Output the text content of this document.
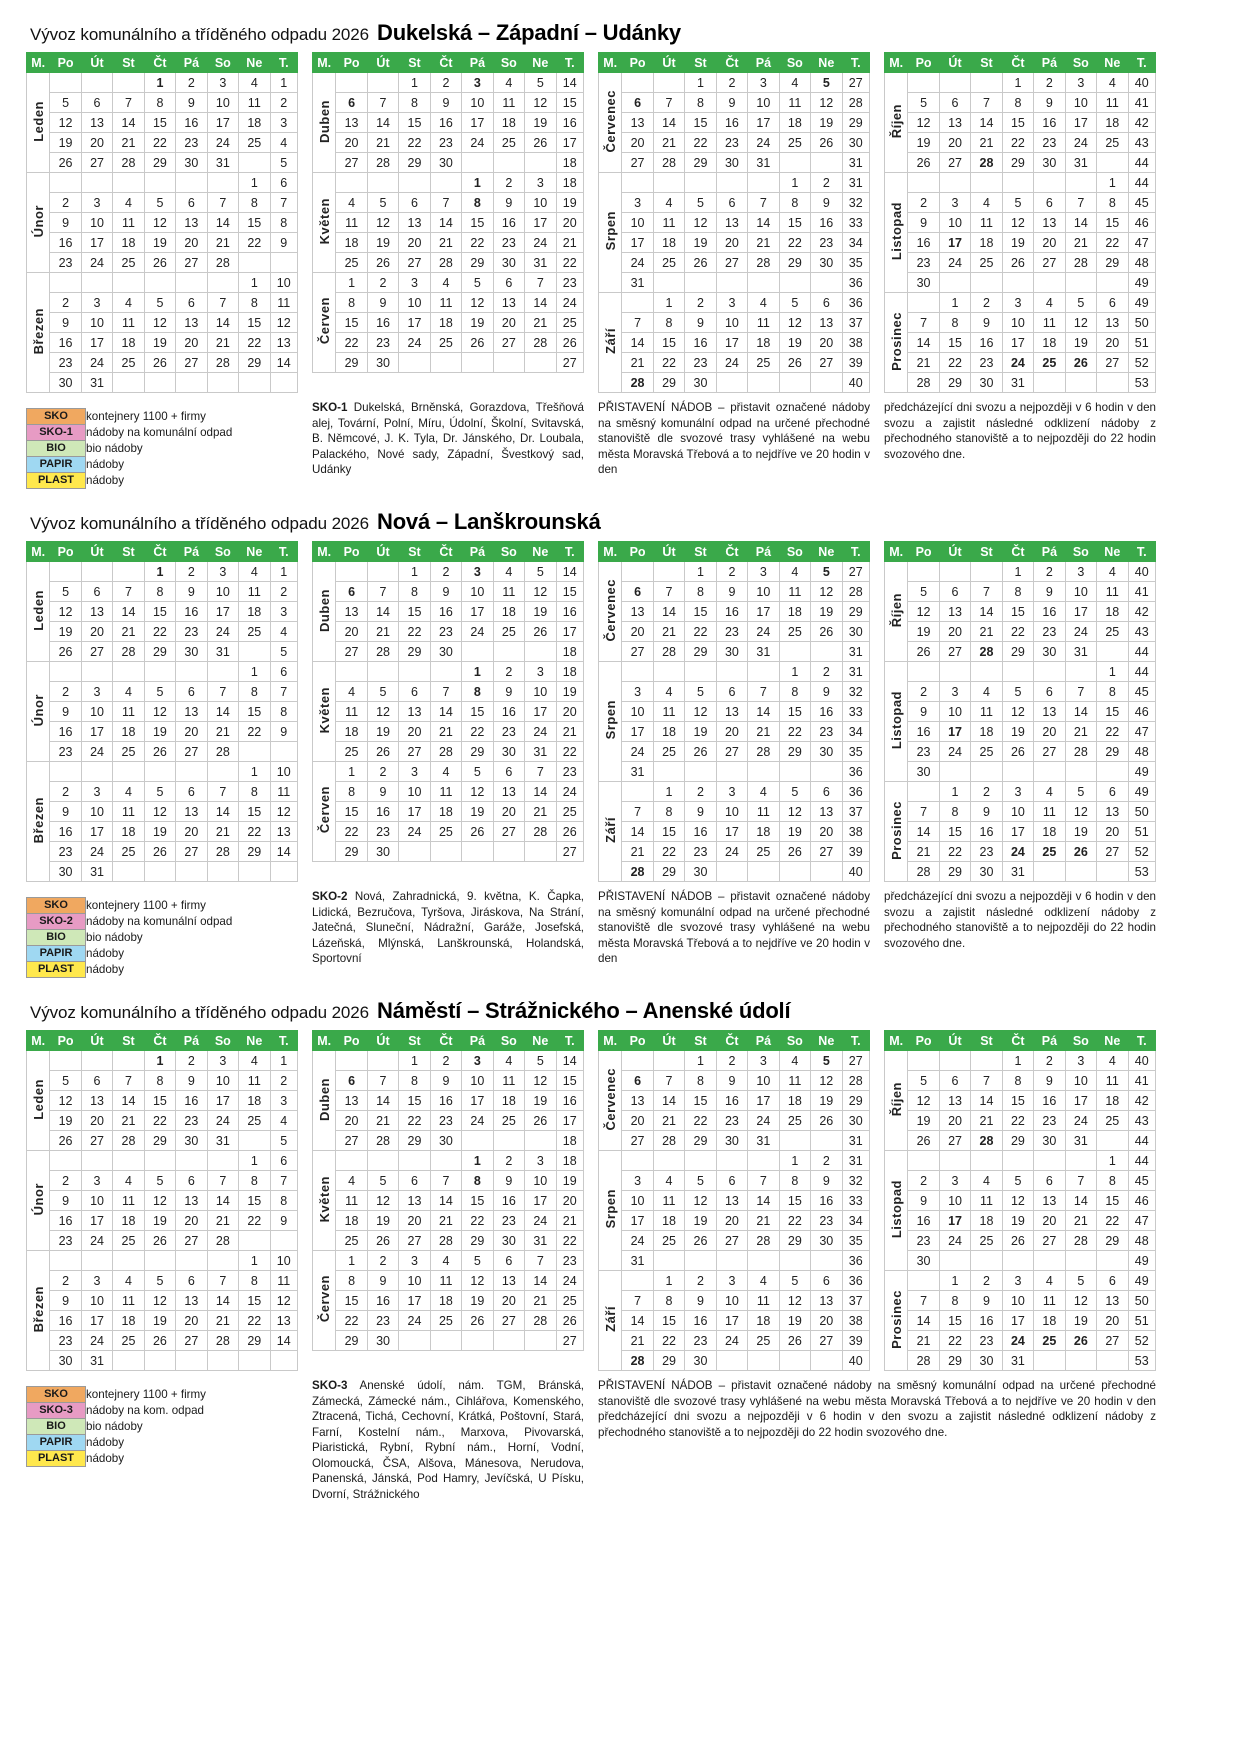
Vývoz komunálního a tříděného odpadu 2026 Dukelská – Západní – Udánky
M.	Po	Út	St	Čt	Pá	So	Ne	T.
Leden				1	2	3	4	1
	5	6	7	8	9	10	11	2
	12	13	14	15	16	17	18	3
	19	20	21	22	23	24	25	4
	26	27	28	29	30	31		5
Únor							1	6
	2	3	4	5	6	7	8	7
	9	10	11	12	13	14	15	8
	16	17	18	19	20	21	22	9
	23	24	25	26	27	28		
Březen							1	10
	2	3	4	5	6	7	8	11
	9	10	11	12	13	14	15	12
	16	17	18	19	20	21	22	13
	23	24	25	26	27	28	29	14
	30	31						
M.	Po	Út	St	Čt	Pá	So	Ne	T.
Duben			1	2	3	4	5	14
	6	7	8	9	10	11	12	15
	13	14	15	16	17	18	19	16
	20	21	22	23	24	25	26	17
	27	28	29	30				18
Květen					1	2	3	18
	4	5	6	7	8	9	10	19
	11	12	13	14	15	16	17	20
	18	19	20	21	22	23	24	21
	25	26	27	28	29	30	31	22
Červen	1	2	3	4	5	6	7	23
	8	9	10	11	12	13	14	24
	15	16	17	18	19	20	21	25
	22	23	24	25	26	27	28	26
	29	30						27
M.	Po	Út	St	Čt	Pá	So	Ne	T.
Červenec			1	2	3	4	5	27
	6	7	8	9	10	11	12	28
	13	14	15	16	17	18	19	29
	20	21	22	23	24	25	26	30
	27	28	29	30	31			31
Srpen						1	2	31
	3	4	5	6	7	8	9	32
	10	11	12	13	14	15	16	33
	17	18	19	20	21	22	23	34
	24	25	26	27	28	29	30	35
	31							36
Září		1	2	3	4	5	6	36
	7	8	9	10	11	12	13	37
	14	15	16	17	18	19	20	38
	21	22	23	24	25	26	27	39
	28	29	30					40
M.	Po	Út	St	Čt	Pá	So	Ne	T.
Říjen				1	2	3	4	40
	5	6	7	8	9	10	11	41
	12	13	14	15	16	17	18	42
	19	20	21	22	23	24	25	43
	26	27	28	29	30	31		44
Listopad							1	44
	2	3	4	5	6	7	8	45
	9	10	11	12	13	14	15	46
	16	17	18	19	20	21	22	47
	23	24	25	26	27	28	29	48
	30							49
Prosinec		1	2	3	4	5	6	49
	7	8	9	10	11	12	13	50
	14	15	16	17	18	19	20	51
	21	22	23	24	25	26	27	52
	28	29	30	31				53
SKO	kontejnery 1100 + firmy
SKO-1	nádoby na komunální odpad
BIO	bio nádoby
PAPIR	nádoby
PLAST	nádoby
SKO-1 Dukelská, Brněnská, Gorazdova, Třešňová alej, Tovární, Polní, Míru, Údolní, Školní, Svitavská, B. Němcové, J. K. Tyla, Dr. Jánského, Dr. Loubala, Palackého, Nové sady, Západní, Švestkový sad, Udánky
PŘISTAVENÍ NÁDOB – přistavit označené nádoby na směsný komunální odpad na určené přechodné stanoviště dle svozové trasy vyhlášené na webu města Moravská Třebová a to nejdříve ve 20 hodin v den
předcházející dni svozu a nejpozději v 6 hodin v den svozu a zajistit následné odklizení nádoby z přechodného stanoviště a to nejpozději do 22 hodin svozového dne.
Vývoz komunálního a tříděného odpadu 2026 Nová – Lanškrounská
M.	Po	Út	St	Čt	Pá	So	Ne	T.
Leden				1	2	3	4	1
	5	6	7	8	9	10	11	2
	12	13	14	15	16	17	18	3
	19	20	21	22	23	24	25	4
	26	27	28	29	30	31		5
Únor							1	6
	2	3	4	5	6	7	8	7
	9	10	11	12	13	14	15	8
	16	17	18	19	20	21	22	9
	23	24	25	26	27	28		
Březen							1	10
	2	3	4	5	6	7	8	11
	9	10	11	12	13	14	15	12
	16	17	18	19	20	21	22	13
	23	24	25	26	27	28	29	14
	30	31						
M.	Po	Út	St	Čt	Pá	So	Ne	T.
Duben			1	2	3	4	5	14
	6	7	8	9	10	11	12	15
	13	14	15	16	17	18	19	16
	20	21	22	23	24	25	26	17
	27	28	29	30				18
Květen					1	2	3	18
	4	5	6	7	8	9	10	19
	11	12	13	14	15	16	17	20
	18	19	20	21	22	23	24	21
	25	26	27	28	29	30	31	22
Červen	1	2	3	4	5	6	7	23
	8	9	10	11	12	13	14	24
	15	16	17	18	19	20	21	25
	22	23	24	25	26	27	28	26
	29	30						27
M.	Po	Út	St	Čt	Pá	So	Ne	T.
Červenec			1	2	3	4	5	27
	6	7	8	9	10	11	12	28
	13	14	15	16	17	18	19	29
	20	21	22	23	24	25	26	30
	27	28	29	30	31			31
Srpen						1	2	31
	3	4	5	6	7	8	9	32
	10	11	12	13	14	15	16	33
	17	18	19	20	21	22	23	34
	24	25	26	27	28	29	30	35
	31							36
Září		1	2	3	4	5	6	36
	7	8	9	10	11	12	13	37
	14	15	16	17	18	19	20	38
	21	22	23	24	25	26	27	39
	28	29	30					40
M.	Po	Út	St	Čt	Pá	So	Ne	T.
Říjen				1	2	3	4	40
	5	6	7	8	9	10	11	41
	12	13	14	15	16	17	18	42
	19	20	21	22	23	24	25	43
	26	27	28	29	30	31		44
Listopad							1	44
	2	3	4	5	6	7	8	45
	9	10	11	12	13	14	15	46
	16	17	18	19	20	21	22	47
	23	24	25	26	27	28	29	48
	30							49
Prosinec		1	2	3	4	5	6	49
	7	8	9	10	11	12	13	50
	14	15	16	17	18	19	20	51
	21	22	23	24	25	26	27	52
	28	29	30	31				53
SKO	kontejnery 1100 + firmy
SKO-2	nádoby na komunální odpad
BIO	bio nádoby
PAPIR	nádoby
PLAST	nádoby
SKO-2 Nová, Zahradnická, 9. května, K. Čapka, Lidická, Bezručova, Tyršova, Jiráskova, Na Strání, Jatečná, Sluneční, Nádražní, Garáže, Josefská, Lázeňská, Mlýnská, Lanškrounská, Holandská, Sportovní
PŘISTAVENÍ NÁDOB – přistavit označené nádoby na směsný komunální odpad na určené přechodné stanoviště dle svozové trasy vyhlášené na webu města Moravská Třebová a to nejdříve ve 20 hodin v den
předcházející dni svozu a nejpozději v 6 hodin v den svozu a zajistit následné odklizení nádoby z přechodného stanoviště a to nejpozději do 22 hodin svozového dne.
Vývoz komunálního a tříděného odpadu 2026 Náměstí – Strážnického – Anenské údolí
M.	Po	Út	St	Čt	Pá	So	Ne	T.
Leden				1	2	3	4	1
	5	6	7	8	9	10	11	2
	12	13	14	15	16	17	18	3
	19	20	21	22	23	24	25	4
	26	27	28	29	30	31		5
Únor							1	6
	2	3	4	5	6	7	8	7
	9	10	11	12	13	14	15	8
	16	17	18	19	20	21	22	9
	23	24	25	26	27	28		
Březen							1	10
	2	3	4	5	6	7	8	11
	9	10	11	12	13	14	15	12
	16	17	18	19	20	21	22	13
	23	24	25	26	27	28	29	14
	30	31						
M.	Po	Út	St	Čt	Pá	So	Ne	T.
Duben			1	2	3	4	5	14
	6	7	8	9	10	11	12	15
	13	14	15	16	17	18	19	16
	20	21	22	23	24	25	26	17
	27	28	29	30				18
Květen					1	2	3	18
	4	5	6	7	8	9	10	19
	11	12	13	14	15	16	17	20
	18	19	20	21	22	23	24	21
	25	26	27	28	29	30	31	22
Červen	1	2	3	4	5	6	7	23
	8	9	10	11	12	13	14	24
	15	16	17	18	19	20	21	25
	22	23	24	25	26	27	28	26
	29	30						27
M.	Po	Út	St	Čt	Pá	So	Ne	T.
Červenec			1	2	3	4	5	27
	6	7	8	9	10	11	12	28
	13	14	15	16	17	18	19	29
	20	21	22	23	24	25	26	30
	27	28	29	30	31			31
Srpen						1	2	31
	3	4	5	6	7	8	9	32
	10	11	12	13	14	15	16	33
	17	18	19	20	21	22	23	34
	24	25	26	27	28	29	30	35
	31							36
Září		1	2	3	4	5	6	36
	7	8	9	10	11	12	13	37
	14	15	16	17	18	19	20	38
	21	22	23	24	25	26	27	39
	28	29	30					40
M.	Po	Út	St	Čt	Pá	So	Ne	T.
Říjen				1	2	3	4	40
	5	6	7	8	9	10	11	41
	12	13	14	15	16	17	18	42
	19	20	21	22	23	24	25	43
	26	27	28	29	30	31		44
Listopad							1	44
	2	3	4	5	6	7	8	45
	9	10	11	12	13	14	15	46
	16	17	18	19	20	21	22	47
	23	24	25	26	27	28	29	48
	30							49
Prosinec		1	2	3	4	5	6	49
	7	8	9	10	11	12	13	50
	14	15	16	17	18	19	20	51
	21	22	23	24	25	26	27	52
	28	29	30	31				53
SKO	kontejnery 1100 + firmy
SKO-3	nádoby na kom. odpad
BIO	bio nádoby
PAPIR	nádoby
PLAST	nádoby
SKO-3 Anenské údolí, nám. TGM, Bránská, Zámecká, Zámecké nám., Cihlářova, Komenského, Ztracená, Tichá, Cechovní, Krátká, Poštovní, Stará, Farní, Kostelní nám., Marxova, Pivovarská, Piaristická, Rybní, Rybní nám., Horní, Vodní, Olomoucká, ČSA, Alšova, Mánesova, Nerudova, Panenská, Jánská, Pod Hamry, Jevíčská, U Písku, Dvorní, Strážnického
PŘISTAVENÍ NÁDOB – přistavit označené nádoby na směsný komunální odpad na určené přechodné stanoviště dle svozové trasy vyhlášené na webu města Moravská Třebová a to nejdříve ve 20 hodin v den předcházející dni svozu a nejpozději v 6 hodin v den svozu a zajistit následné odklizení nádoby z přechodného stanoviště a to nejpozději do 22 hodin svozového dne.
